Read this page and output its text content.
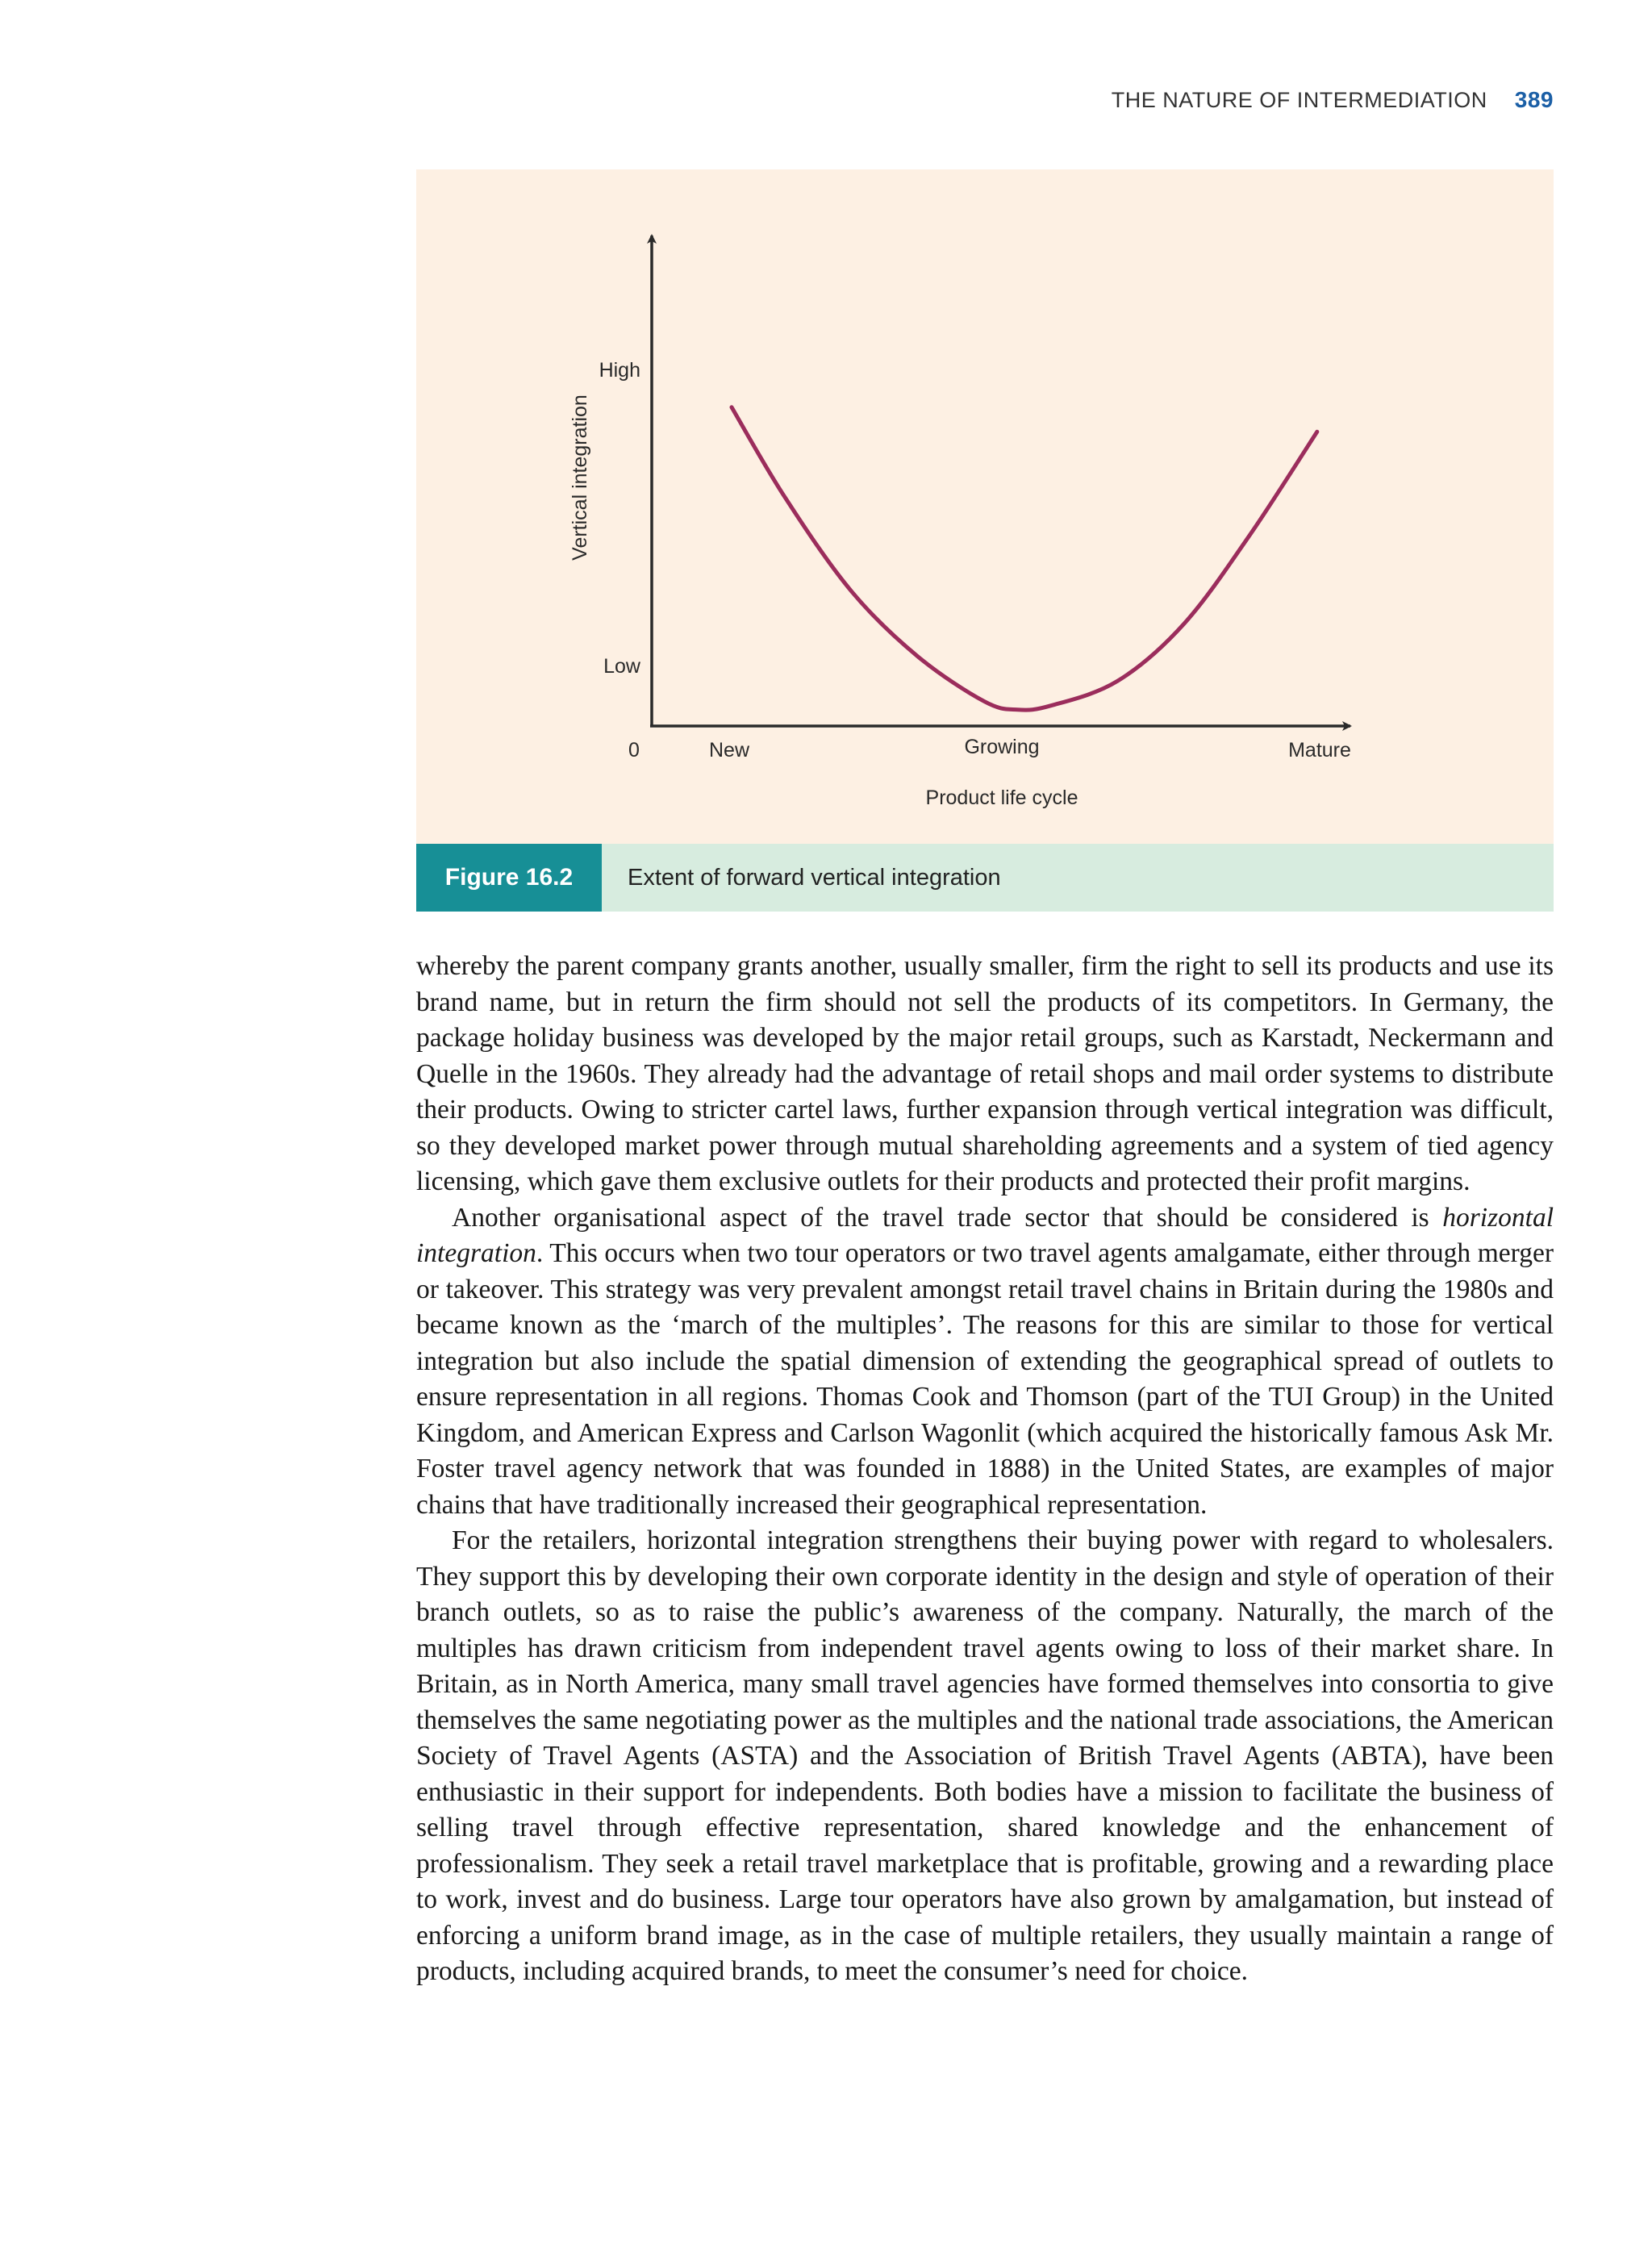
THE NATURE OF INTERMEDIATION 389
Vertical integration
High
Low
0	New	Growing	Mature
Product life cycle
Figure 16.2	Extent of forward vertical integration

whereby the parent company grants another, usually smaller, firm the right to sell its products and use its brand name, but in return the firm should not sell the products of its competitors. In Germany, the package holiday business was developed by the major retail groups, such as Karstadt, Neckermann and Quelle in the 1960s. They already had the advantage of retail shops and mail order systems to distribute their products. Owing to stricter cartel laws, further expansion through vertical integration was difficult, so they developed market power through mutual shareholding agreements and a system of tied agency licensing, which gave them exclusive outlets for their products and protected their profit margins.

Another organisational aspect of the travel trade sector that should be considered is horizontal integration. This occurs when two tour operators or two travel agents amalgamate, either through merger or takeover. This strategy was very prevalent amongst retail travel chains in Britain during the 1980s and became known as the ‘march of the multiples’. The reasons for this are similar to those for vertical integration but also include the spatial dimension of extending the geographical spread of outlets to ensure representation in all regions. Thomas Cook and Thomson (part of the TUI Group) in the United Kingdom, and American Express and Carlson Wagonlit (which acquired the historically famous Ask Mr. Foster travel agency network that was founded in 1888) in the United States, are examples of major chains that have traditionally increased their geographical representation.

For the retailers, horizontal integration strengthens their buying power with regard to wholesalers. They support this by developing their own corporate identity in the design and style of operation of their branch outlets, so as to raise the public’s awareness of the company. Naturally, the march of the multiples has drawn criticism from independent travel agents owing to loss of their market share. In Britain, as in North America, many small travel agencies have formed themselves into consortia to give themselves the same negotiating power as the multiples and the national trade associations, the American Society of Travel Agents (ASTA) and the Association of British Travel Agents (ABTA), have been enthusiastic in their support for independents. Both bodies have a mission to facilitate the business of selling travel through effective representation, shared knowledge and the enhancement of professionalism. They seek a retail travel marketplace that is profitable, growing and a rewarding place to work, invest and do business. Large tour operators have also grown by amalgamation, but instead of enforcing a uniform brand image, as in the case of multiple retailers, they usually maintain a range of products, including acquired brands, to meet the consumer’s need for choice.
